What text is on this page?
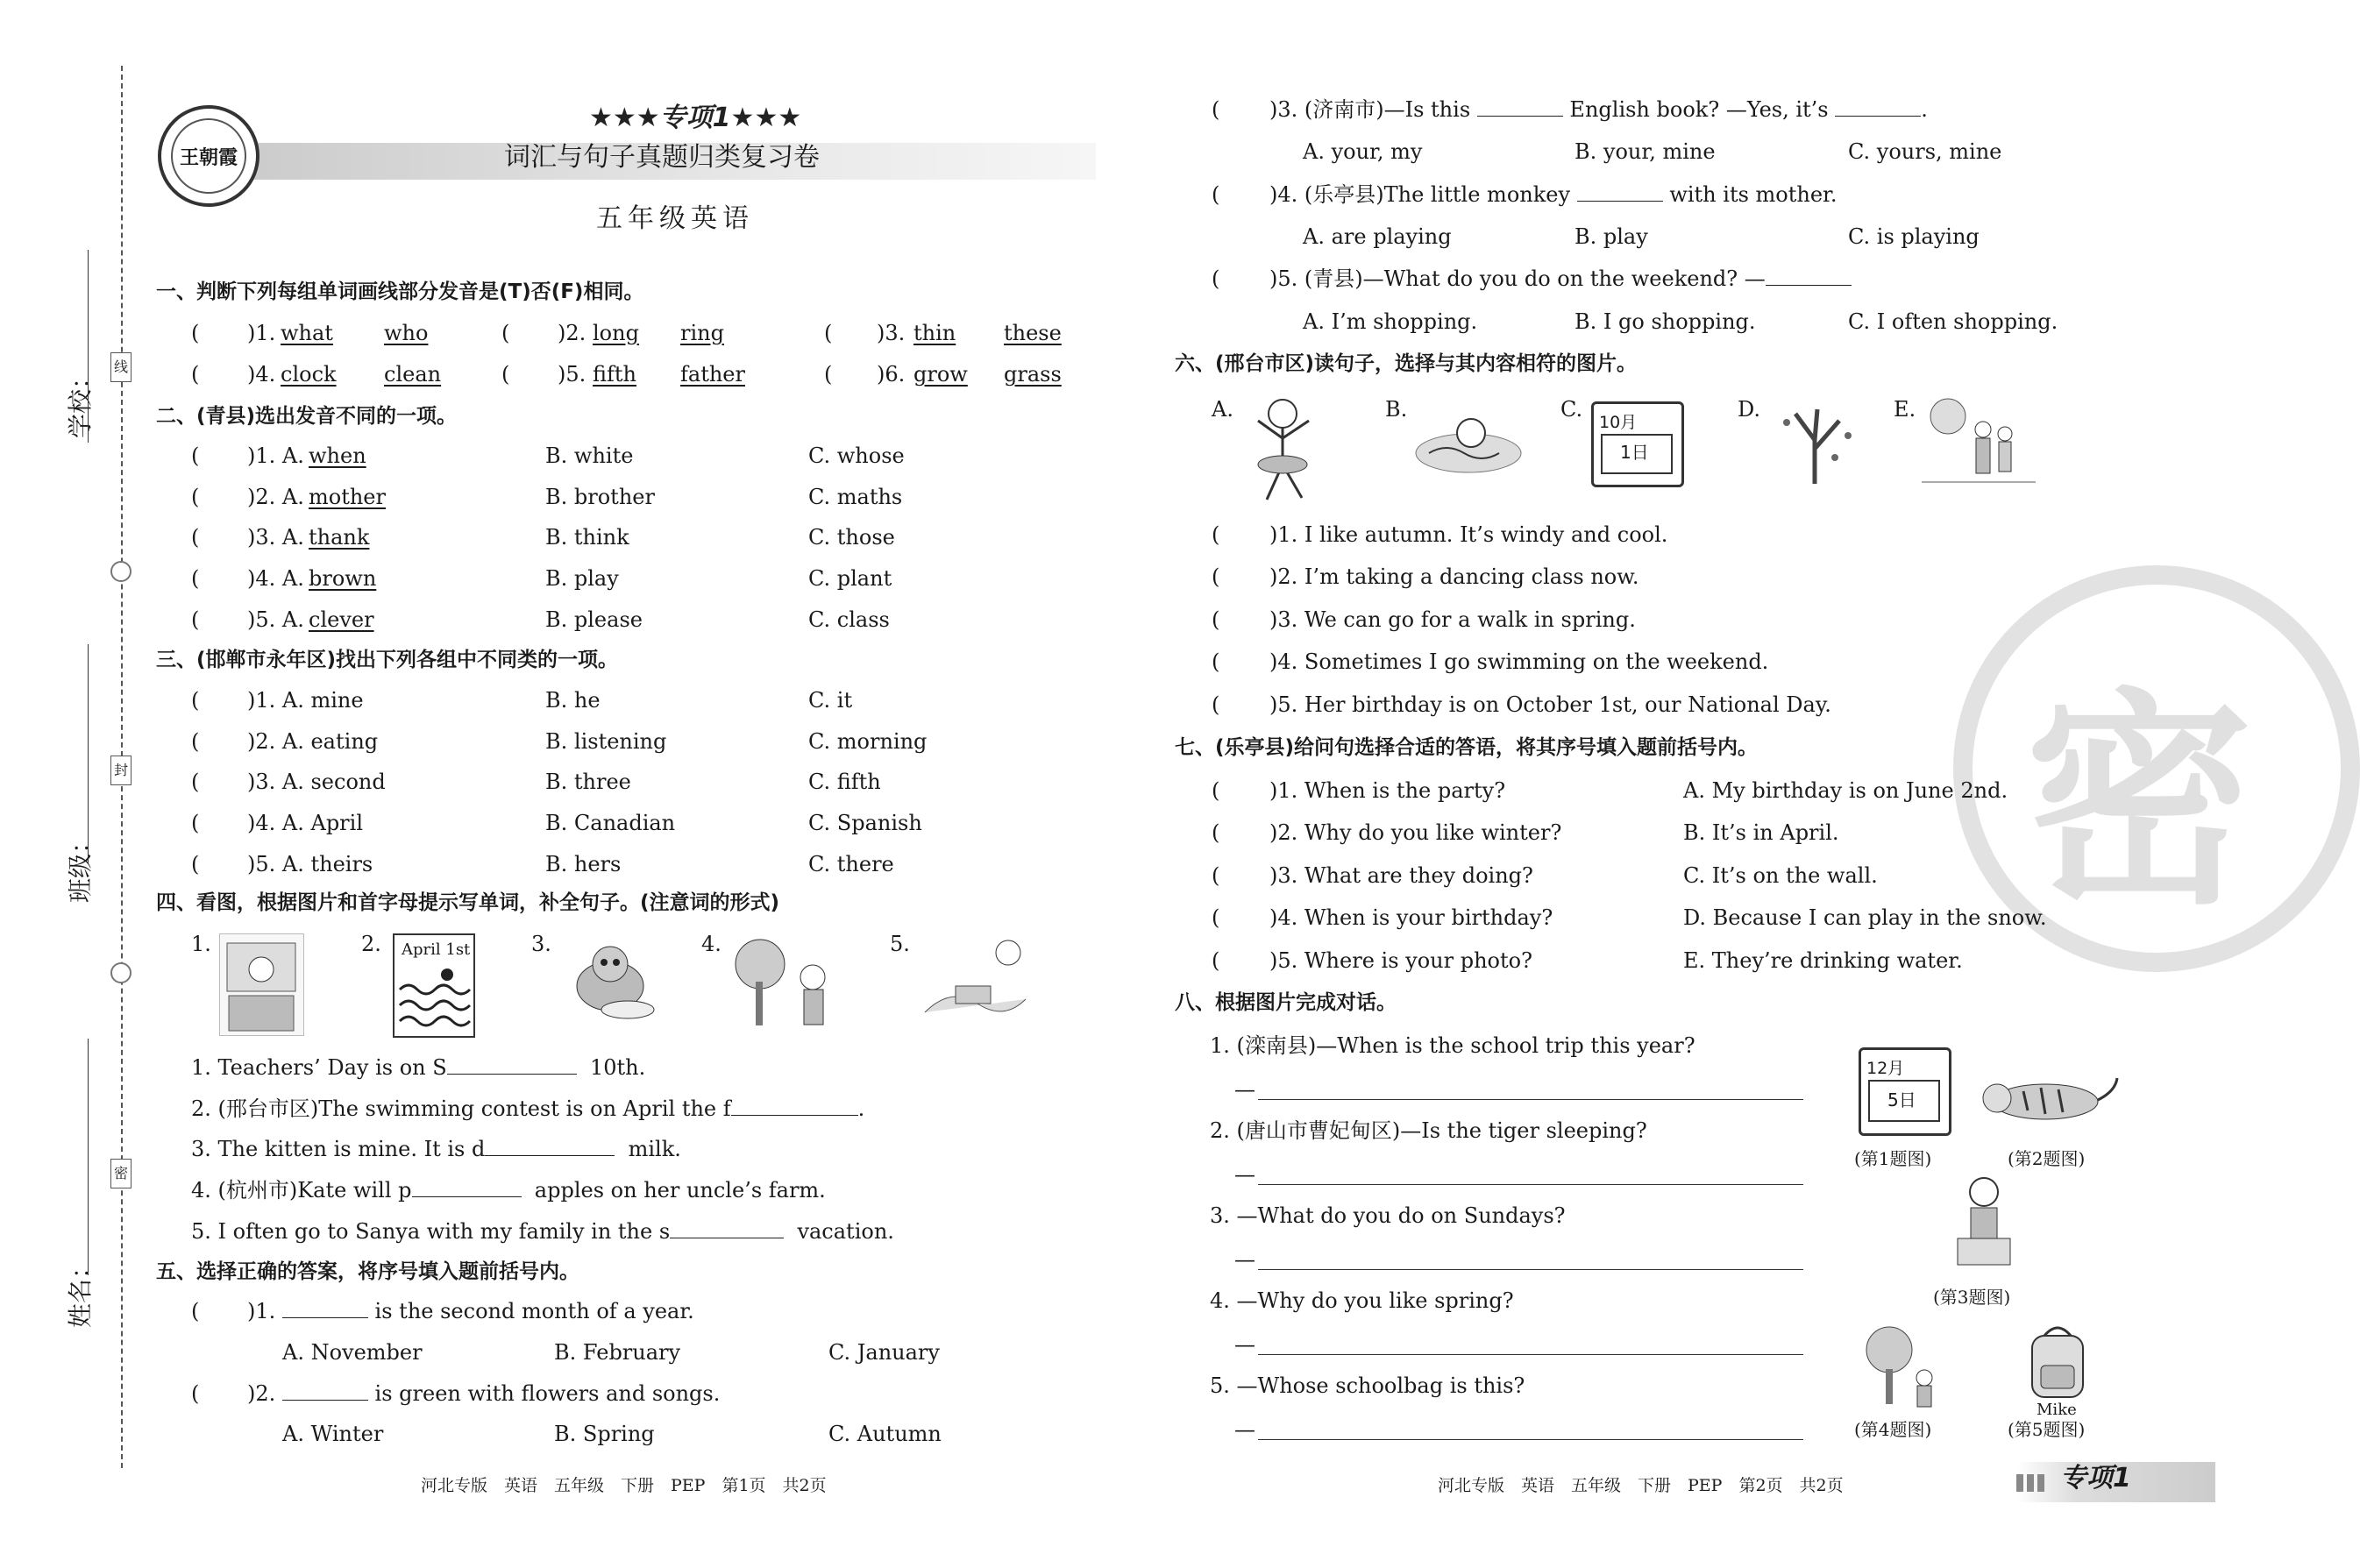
学校：
班级：
姓名：
线
封
密
王朝霞
★★★专项1★★★
词汇与句子真题归类复习卷
五年级英语
一、判断下列每组单词画线部分发音是(T)否(F)相同。
( )1. what who	( )2. long ring	( )3. thin these
( )4. clock clean	( )5. fifth father	( )6. grow grass
二、(青县)选出发音不同的一项。
( )1. A. when	B. white	C. whose
( )2. A. mother	B. brother	C. maths
( )3. A. thank	B. think	C. those
( )4. A. brown	B. play	C. plant
( )5. A. clever	B. please	C. class
三、(邯郸市永年区)找出下列各组中不同类的一项。
( )1. A. mine	B. he	C. it
( )2. A. eating	B. listening	C. morning
( )3. A. second	B. three	C. fifth
( )4. A. April	B. Canadian	C. Spanish
( )5. A. theirs	B. hers	C. there
四、看图，根据图片和首字母提示写单词，补全句子。(注意词的形式)
1.	2. April 1st	3.	4.	5.
1. Teachers’ Day is on S	10th.
2. (邢台市区)The swimming contest is on April the f	.
3. The kitten is mine. It is d	milk.
4. (杭州市)Kate will p	apples on her uncle’s farm.
5. I often go to Sanya with my family in the s	vacation.
五、选择正确的答案，将序号填入题前括号内。
( )1.	is the second month of a year.
A. November	B. February	C. January
( )2.	is green with flowers and songs.
A. Winter	B. Spring	C. Autumn
( )3. (济南市)—Is this	English book? —Yes, it’s	.
A. your, my	B. your, mine	C. yours, mine
( )4. (乐亭县)The little monkey	with its mother.
A. are playing	B. play	C. is playing
( )5. (青县)—What do you do on the weekend? —
A. I’m shopping.	B. I go shopping.	C. I often shopping.
密
六、(邢台市区)读句子，选择与其内容相符的图片。
A.	B.	C.
10月
1日
D.	E.
( )1. I like autumn. It’s windy and cool.
( )2. I’m taking a dancing class now.
( )3. We can go for a walk in spring.
( )4. Sometimes I go swimming on the weekend.
( )5. Her birthday is on October 1st, our National Day.
七、(乐亭县)给问句选择合适的答语，将其序号填入题前括号内。
( )1. When is the party?	A. My birthday is on June 2nd.
( )2. Why do you like winter?	B. It’s in April.
( )3. What are they doing?	C. It’s on the wall.
( )4. When is your birthday?	D. Because I can play in the snow.
( )5. Where is your photo?	E. They’re drinking water.
八、根据图片完成对话。
1. (滦南县)—When is the school trip this year?
—
2. (唐山市曹妃甸区)—Is the tiger sleeping?
—
3. —What do you do on Sundays?
—
4. —Why do you like spring?
—
5. —Whose schoolbag is this?
—
12月
5日
(第1题图)	(第2题图)
(第3题图)
(第4题图)
Mike
(第5题图)
河北专版　英语　五年级　下册　PEP　第1页　共2页	河北专版　英语　五年级　下册　PEP　第2页　共2页	专项1
